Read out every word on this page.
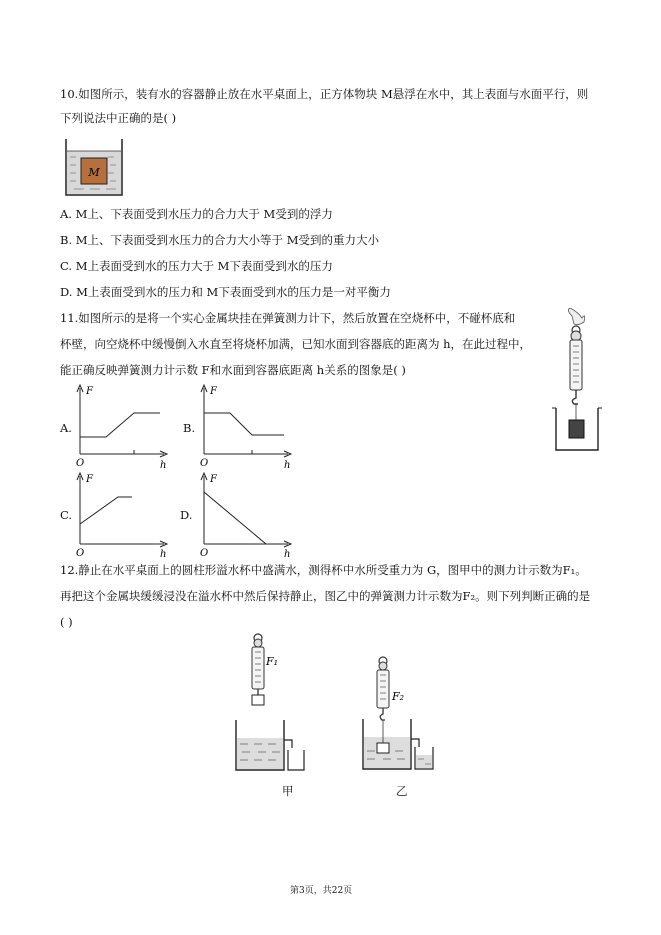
10.如图所示，装有水的容器静止放在水平桌面上，正方体物块 M悬浮在水中，其上表面与水面平行，则
下列说法中正确的是( )
M
A. M上、下表面受到水压力的合力大于 M受到的浮力
B. M上、下表面受到水压力的合力大小等于 M受到的重力大小
C. M上表面受到水的压力大于 M下表面受到水的压力
D. M上表面受到水的压力和 M下表面受到水的压力是一对平衡力
11.如图所示的是将一个实心金属块挂在弹簧测力计下，然后放置在空烧杯中，不碰杯底和
杯壁，向空烧杯中缓慢倒入水直至将烧杯加满，已知水面到容器底的距离为 h，在此过程中，
能正确反映弹簧测力计示数 F和水面到容器底距离 h关系的图象是( )
A.
F
O	h
B.
F
O	h
C.
F
O	h
D.
F
O	h
12.静止在水平桌面上的圆柱形溢水杯中盛满水，测得杯中水所受重力为 G，图甲中的测力计示数为F₁。
再把这个金属块缓缓浸没在溢水杯中然后保持静止，图乙中的弹簧测力计示数为F₂。则下列判断正确的是
( )
F₁
甲
F₂
乙
第3页，共22页
